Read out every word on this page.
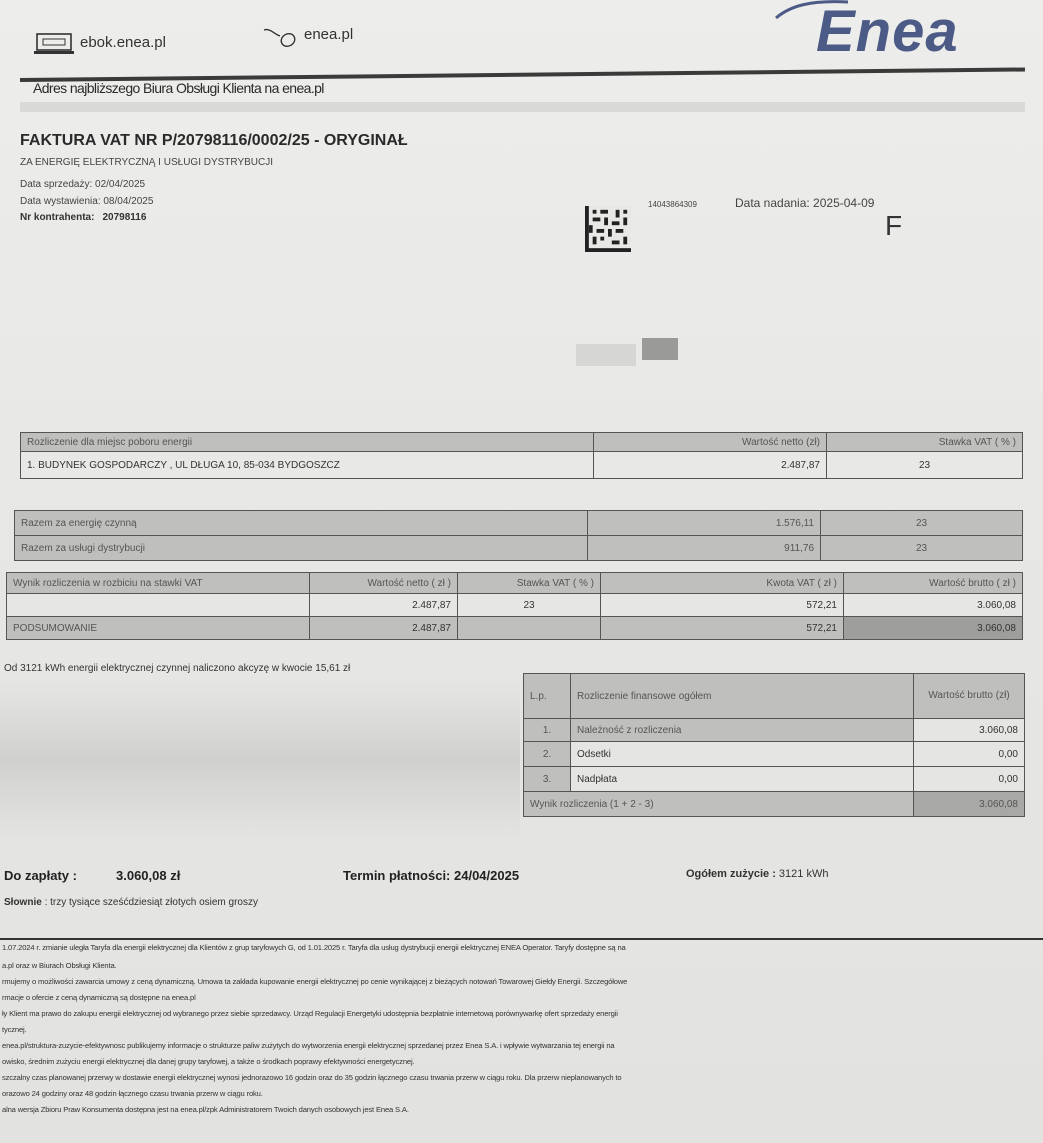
ebok.enea.pl	enea.pl	Enea
Adres najbliższego Biura Obsługi Klienta na enea.pl
FAKTURA VAT NR P/20798116/0002/25 - ORYGINAŁ
ZA ENERGIĘ ELEKTRYCZNĄ I USŁUGI DYSTRYBUCJI
Data sprzedaży: 02/04/2025
Data wystawienia: 08/04/2025
Nr kontrahenta: 20798116
14043864309	Data nadania: 2025-04-09
F
Rozliczenie dla miejsc poboru energii	Wartość netto (zł)	Stawka VAT ( % )
1. BUDYNEK GOSPODARCZY , UL DŁUGA 10, 85-034 BYDGOSZCZ	2.487,87	23
Razem za energię czynną	1.576,11	23
Razem za usługi dystrybucji	911,76	23
Wynik rozliczenia w rozbiciu na stawki VAT	Wartość netto ( zł )	Stawka VAT ( % )	Kwota VAT ( zł )	Wartość brutto ( zł )
	2.487,87	23	572,21	3.060,08
PODSUMOWANIE	2.487,87		572,21	3.060,08
Od 3121 kWh energii elektrycznej czynnej naliczono akcyzę w kwocie 15,61 zł
L.p.	Rozliczenie finansowe ogółem	Wartość brutto (zł)
1.	Należność z rozliczenia	3.060,08
2.	Odsetki	0,00
3.	Nadpłata	0,00
Wynik rozliczenia (1 + 2 - 3)		3.060,08
Do zapłaty :	3.060,08 zł	Termin płatności: 24/04/2025	Ogółem zużycie : 3121 kWh
Słownie : trzy tysiące sześćdziesiąt złotych osiem groszy
1.07.2024 r. zmianie uległa Taryfa dla energii elektrycznej dla Klientów z grup taryfowych G, od 1.01.2025 r. Taryfa dla usług dystrybucji energii elektrycznej ENEA Operator. Taryfy dostępne są na
a.pl oraz w Biurach Obsługi Klienta.
rmujemy o możliwości zawarcia umowy z ceną dynamiczną. Umowa ta zakłada kupowanie energii elektrycznej po cenie wynikającej z bieżących notowań Towarowej Giełdy Energii. Szczegółowe
rmacje o ofercie z ceną dynamiczną są dostępne na enea.pl
ły Klient ma prawo do zakupu energii elektrycznej od wybranego przez siebie sprzedawcy. Urząd Regulacji Energetyki udostępnia bezpłatnie internetową porównywarkę ofert sprzedaży energii
tycznej.
enea.pl/struktura-zuzycie-efektywnosc publikujemy informacje o strukturze paliw zużytych do wytworzenia energii elektrycznej sprzedanej przez Enea S.A. i wpływie wytwarzania tej energii na
owisko, średnim zużyciu energii elektrycznej dla danej grupy taryfowej, a także o środkach poprawy efektywności energetycznej.
szczalny czas planowanej przerwy w dostawie energii elektrycznej wynosi jednorazowo 16 godzin oraz do 35 godzin łącznego czasu trwania przerw w ciągu roku. Dla przerw nieplanowanych to
orazowo 24 godziny oraz 48 godzin łącznego czasu trwania przerw w ciągu roku.
alna wersja Zbioru Praw Konsumenta dostępna jest na enea.pl/zpk Administratorem Twoich danych osobowych jest Enea S.A.
